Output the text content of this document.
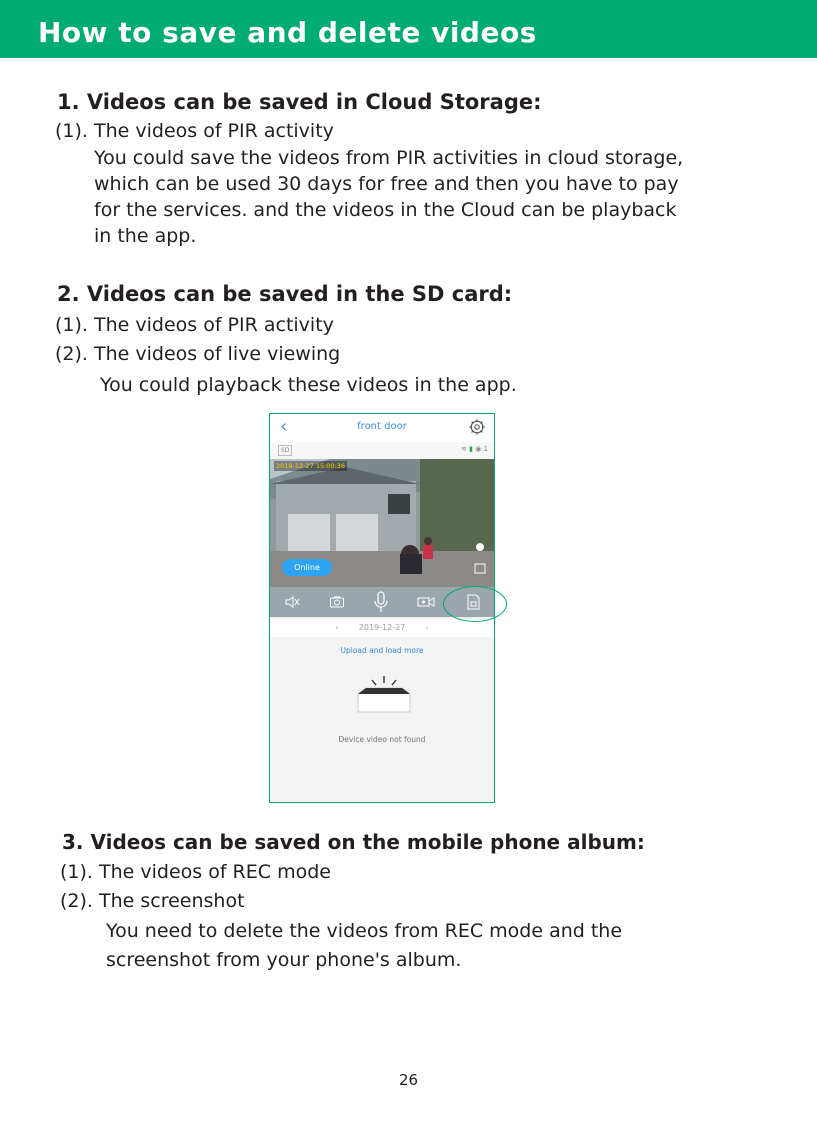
How to save and delete videos
1. Videos can be saved in Cloud Storage:
(1). The videos of PIR activity
You could save the videos from PIR activities in cloud storage,
which can be used 30 days for free and then you have to pay
for the services. and the videos in the Cloud can be playback
in the app.
2. Videos can be saved in the SD card:
(1). The videos of PIR activity
(2). The videos of live viewing
You could playback these videos in the app.
‹	front door
SD	≋ ▮ ◉ 1
2019-12-27 15:00:36
Online
‹	2019-12-27	›
Upload and load more
Device video not found
3. Videos can be saved on the mobile phone album:
(1). The videos of REC mode
(2). The screenshot
You need to delete the videos from REC mode and the
screenshot from your phone's album.
26
